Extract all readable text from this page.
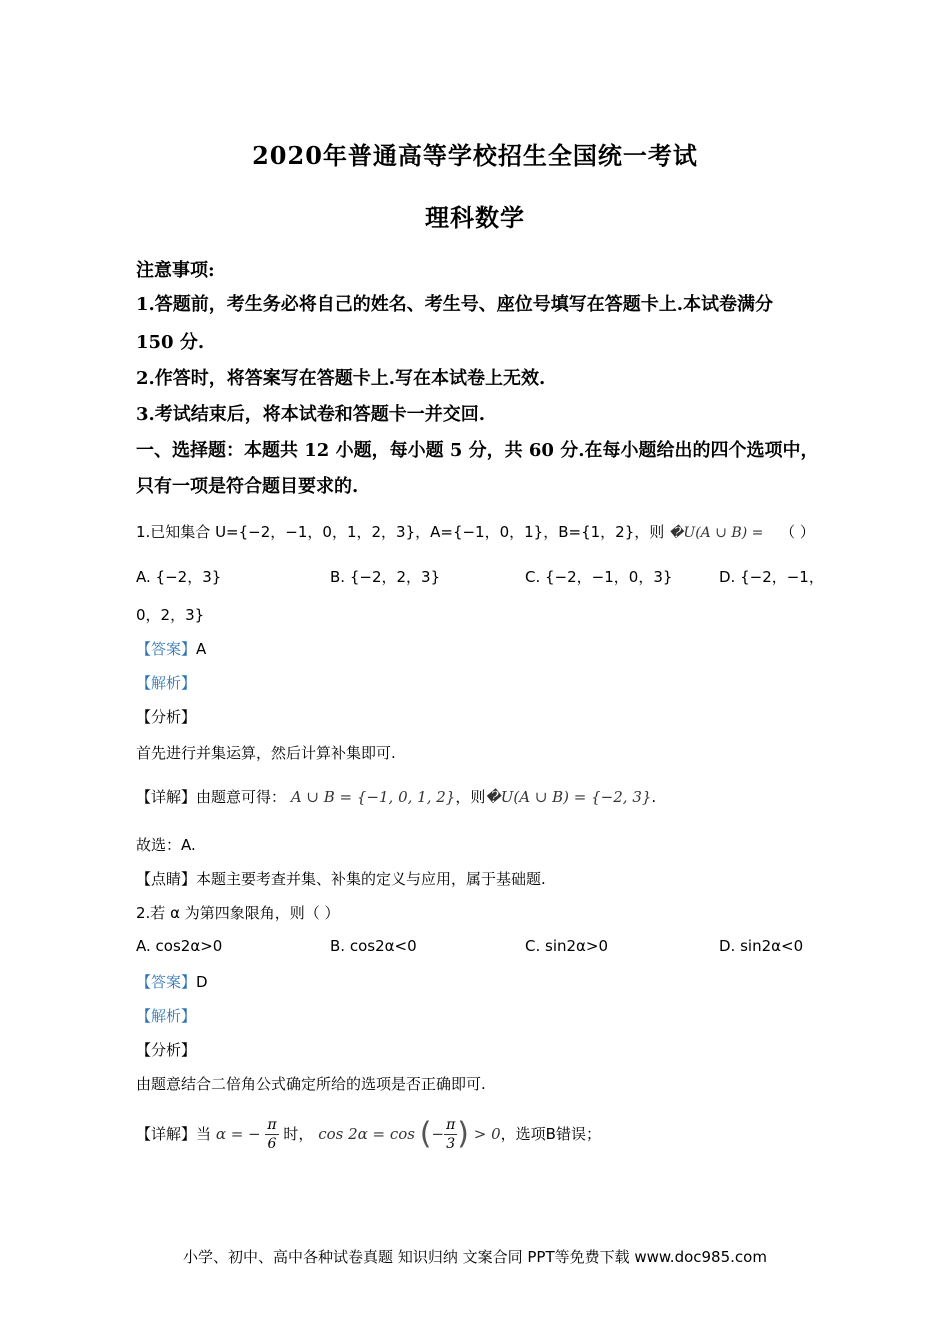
2020年普通高等学校招生全国统一考试
理科数学
注意事项:
1.答题前，考生务必将自己的姓名、考生号、座位号填写在答题卡上.本试卷满分
150 分.
2.作答时，将答案写在答题卡上.写在本试卷上无效.
3.考试结束后，将本试卷和答题卡一并交回.
一、选择题：本题共 12 小题，每小题 5 分，共 60 分.在每小题给出的四个选项中，
只有一项是符合题目要求的.
1.已知集合 U={−2，−1，0，1，2，3}，A={−1，0，1}，B={1，2}，则 �U(A ∪ B) = （ ）
A. {−2，3}	B. {−2，2，3}	C. {−2，−1，0，3}	D. {−2，−1，
0，2，3}
【答案】A
【解析】
【分析】
首先进行并集运算，然后计算补集即可.
【详解】由题意可得： A ∪ B = {−1, 0, 1, 2}，则�U(A ∪ B) = {−2, 3}.
故选：A.
【点睛】本题主要考查并集、补集的定义与应用，属于基础题.
2.若 α 为第四象限角，则（ ）
A. cos2α>0	B. cos2α<0	C. sin2α>0	D. sin2α<0
【答案】D
【解析】
【分析】
由题意结合二倍角公式确定所给的选项是否正确即可.
【详解】当 α = − $\frac{\pi}{6}$ 时， cos 2α = cos (− $\frac{\pi}{3}$ ) > 0，选项B错误；
小学、初中、高中各种试卷真题 知识归纳 文案合同 PPT等免费下载 www.doc985.com
